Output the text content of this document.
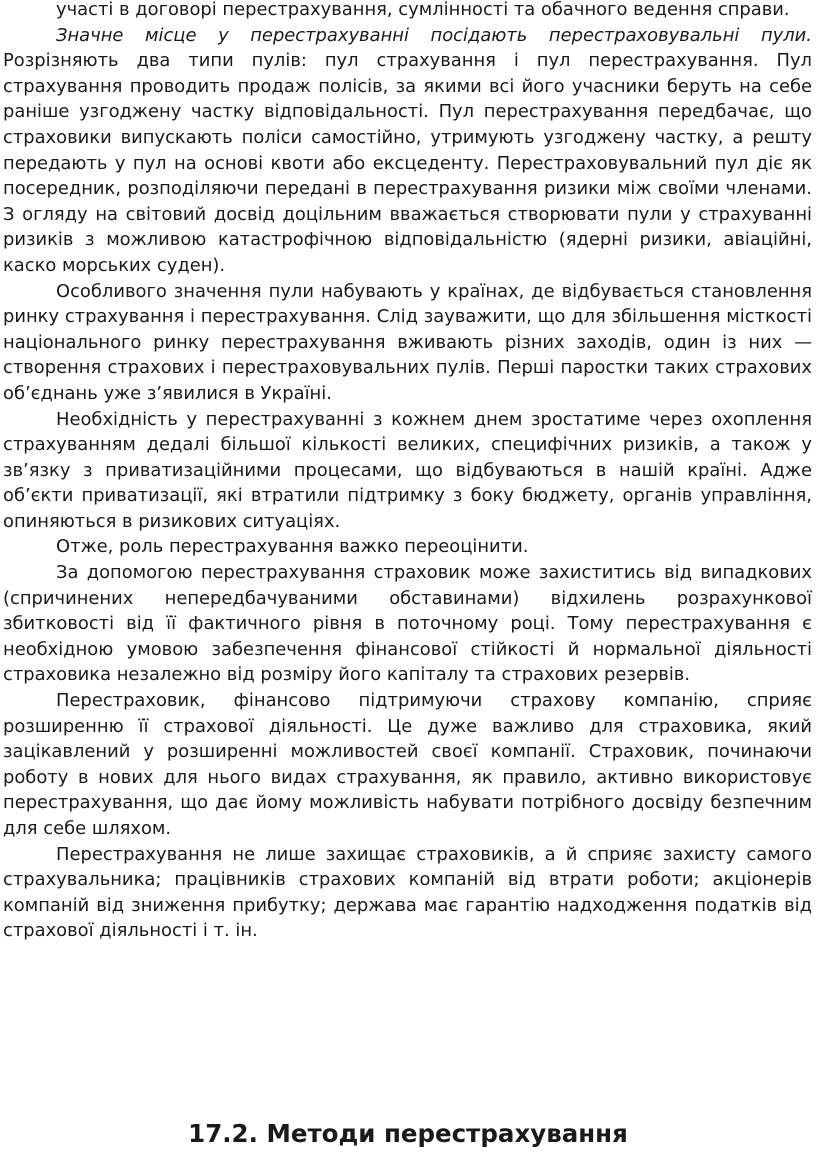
участі в договорі перестрахування, сумлінності та обачного ведення справи.

Значне місце у перестрахуванні посідають перестраховувальні пули. Розрізняють два типи пулів: пул страхування і пул перестрахування. Пул страхування проводить продаж полісів, за якими всі його учасники беруть на себе раніше узгоджену частку відповідальності. Пул перестрахування передбачає, що страховики випускають поліси самостійно, утримують узгоджену частку, а решту передають у пул на основі квоти або ексцеденту. Перестраховувальний пул діє як посередник, розподіляючи передані в перестрахування ризики між своїми членами. З огляду на світовий досвід доцільним вважається створювати пули у страхуванні ризиків з можливою катастрофічною відповідальністю (ядерні ризики, авіаційні, каско морських суден).

Особливого значення пули набувають у країнах, де відбувається становлення ринку страхування і перестрахування. Слід зауважити, що для збільшення місткості національного ринку перестрахування вживають різних заходів, один із них — створення страхових і перестраховувальних пулів. Перші паростки таких страхових об’єднань уже з’явилися в Україні.

Необхідність у перестрахуванні з кожнем днем зростатиме через охоплення страхуванням дедалі більшої кількості великих, специфічних ризиків, а також у зв’язку з приватизаційними процесами, що відбуваються в нашій країні. Адже об’єкти приватизації, які втратили підтримку з боку бюджету, органів управління, опиняються в ризикових ситуаціях.

Отже, роль перестрахування важко переоцінити.

За допомогою перестрахування страховик може захиститись від випадкових (спричинених непередбачуваними обставинами) відхилень розрахункової збитковості від її фактичного рівня в поточному році. Тому перестрахування є необхідною умовою забезпечення фінансової стійкості й нормальної діяльності страховика незалежно від розміру його капіталу та страхових резервів.

Перестраховик, фінансово підтримуючи страхову компанію, сприяє розширенню її страхової діяльності. Це дуже важливо для страховика, який зацікавлений у розширенні можливостей своєї компанії. Страховик, починаючи роботу в нових для нього видах страхування, як правило, активно використовує перестрахування, що дає йому можливість набувати потрібного досвіду безпечним для себе шляхом.

Перестрахування не лише захищає страховиків, а й сприяє захисту самого страхувальника; працівників страхових компаній від втрати роботи; акціонерів компаній від зниження прибутку; держава має гарантію надходження податків від страхової діяльності і т. ін.

17.2. Методи перестрахування
